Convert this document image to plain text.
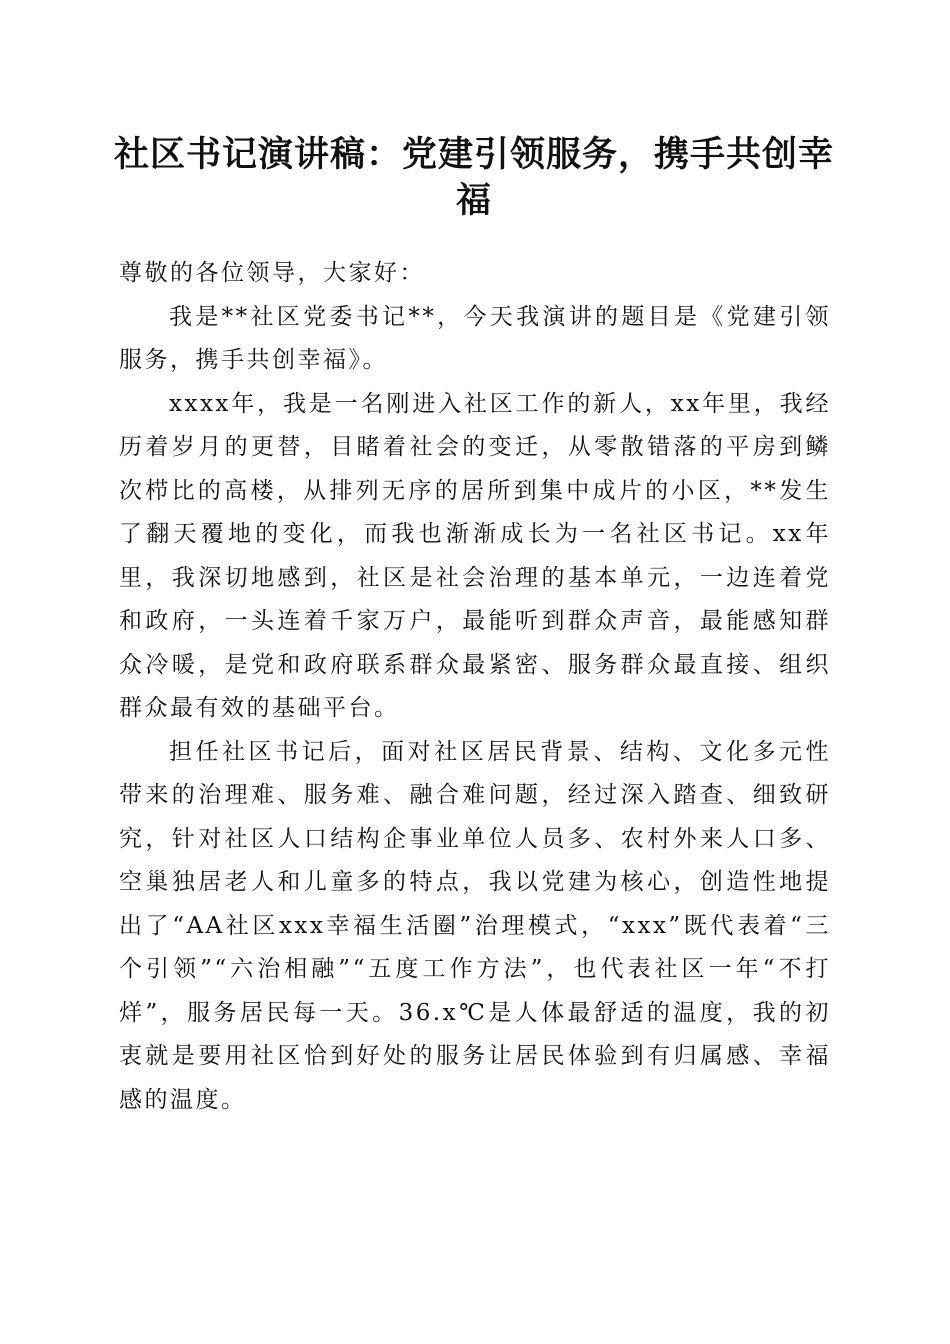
社区书记演讲稿：党建引领服务，携手共创幸福

尊敬的各位领导，大家好：

我是**社区党委书记**，今天我演讲的题目是《党建引领服务，携手共创幸福》。

xxxx年，我是一名刚进入社区工作的新人，xx年里，我经历着岁月的更替，目睹着社会的变迁，从零散错落的平房到鳞次栉比的高楼，从排列无序的居所到集中成片的小区，**发生了翻天覆地的变化，而我也渐渐成长为一名社区书记。xx年里，我深切地感到，社区是社会治理的基本单元，一边连着党和政府，一头连着千家万户，最能听到群众声音，最能感知群众冷暖，是党和政府联系群众最紧密、服务群众最直接、组织群众最有效的基础平台。

担任社区书记后，面对社区居民背景、结构、文化多元性带来的治理难、服务难、融合难问题，经过深入踏查、细致研究，针对社区人口结构企事业单位人员多、农村外来人口多、空巢独居老人和儿童多的特点，我以党建为核心，创造性地提出了“AA社区xxx幸福生活圈”治理模式，“xxx”既代表着“三个引领”“六治相融”“五度工作方法”，也代表社区一年“不打烊”，服务居民每一天。36.x℃是人体最舒适的温度，我的初衷就是要用社区恰到好处的服务让居民体验到有归属感、幸福感的温度。
